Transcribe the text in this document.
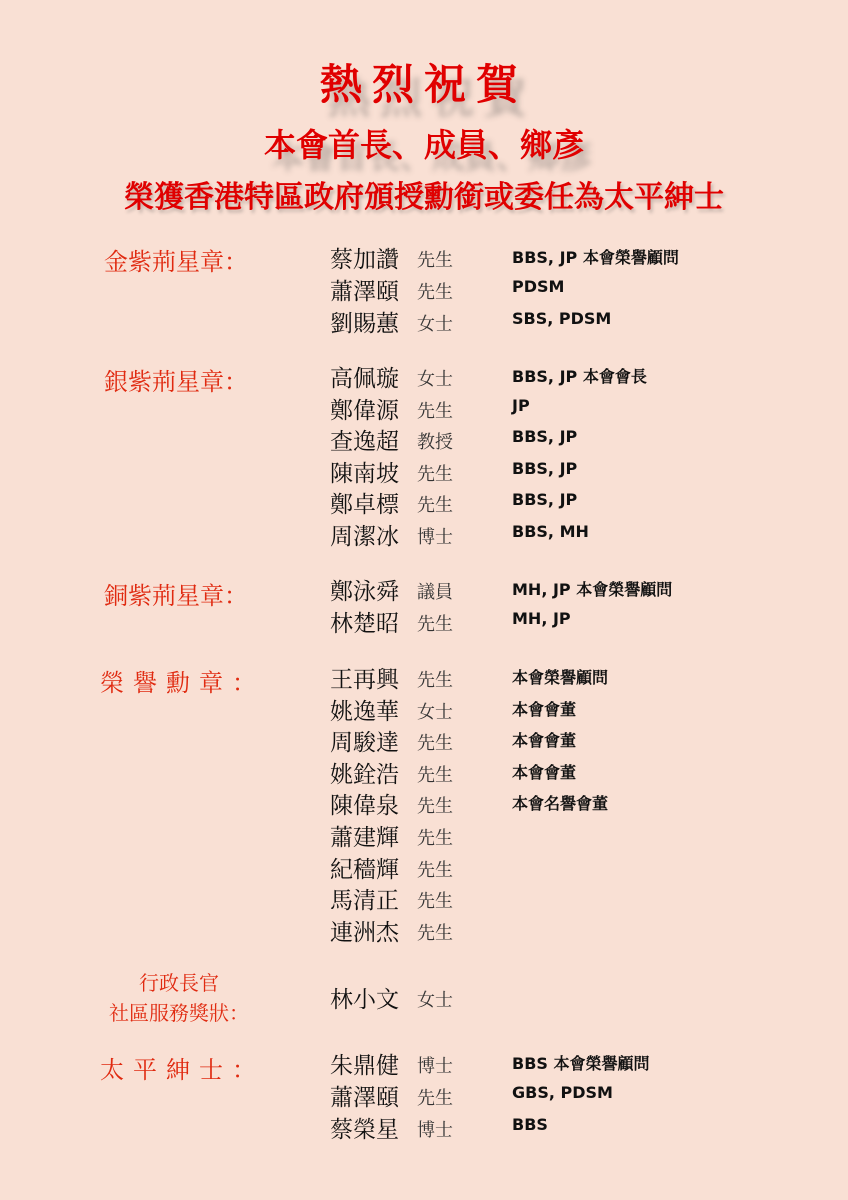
熱烈祝賀
本會首長、成員、鄉彥
榮獲香港特區政府頒授勳銜或委任為太平紳士
金紫荊星章：	蔡加讚 先生	BBS, JP 本會榮譽顧問
蕭澤頤 先生	PDSM
劉賜蕙 女士	SBS, PDSM
銀紫荊星章：	高佩璇 女士	BBS, JP 本會會長
鄭偉源 先生	JP
查逸超 教授	BBS, JP
陳南坡 先生	BBS, JP
鄭卓標 先生	BBS, JP
周潔冰 博士	BBS, MH
銅紫荊星章：	鄭泳舜 議員	MH, JP 本會榮譽顧問
林楚昭 先生	MH, JP
榮譽勳章：	王再興 先生	本會榮譽顧問
姚逸華 女士	本會會董
周駿達 先生	本會會董
姚銓浩 先生	本會會董
陳偉泉 先生	本會名譽會董
蕭建輝 先生
紀穡輝 先生
馬清正 先生
連洲杰 先生
行政長官
社區服務獎狀：	林小文 女士
太平紳士：	朱鼎健 博士	BBS 本會榮譽顧問
蕭澤頤 先生	GBS, PDSM
蔡榮星 博士	BBS
